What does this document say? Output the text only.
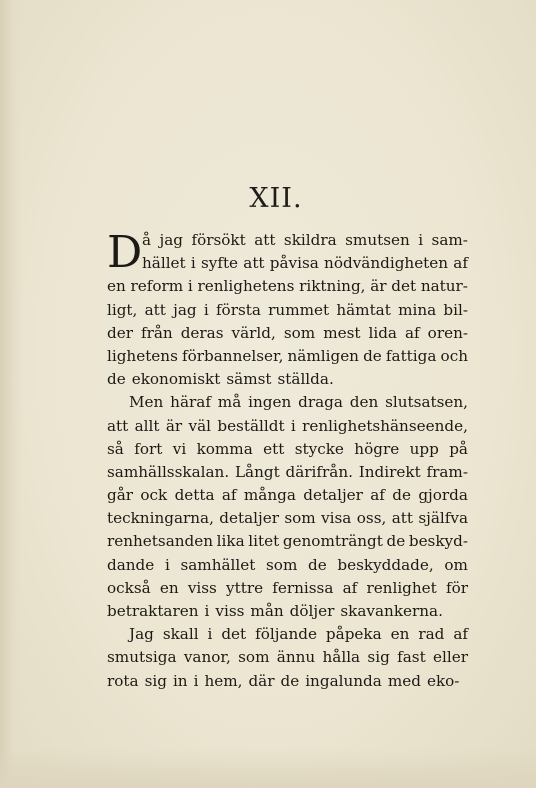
XII.
D å jag försökt att skildra smutsen i sam-
hället i syfte att påvisa nödvändigheten af
en reform i renlighetens riktning, är det natur-
ligt, att jag i första rummet hämtat mina bil-
der från deras värld, som mest lida af oren-
lighetens förbannelser, nämligen de fattiga och
de ekonomiskt sämst ställda.
Men häraf må ingen draga den slutsatsen,
att allt är väl beställdt i renlighetshänseende,
så fort vi komma ett stycke högre upp på
samhällsskalan. Långt därifrån. Indirekt fram-
går ock detta af många detaljer af de gjorda
teckningarna, detaljer som visa oss, att själfva
renhetsanden lika litet genomträngt de beskyd-
dande i samhället som de beskyddade, om
också en viss yttre fernissa af renlighet för
betraktaren i viss mån döljer skavankerna.
Jag skall i det följande påpeka en rad af
smutsiga vanor, som ännu hålla sig fast eller
rota sig in i hem, där de ingalunda med eko-
